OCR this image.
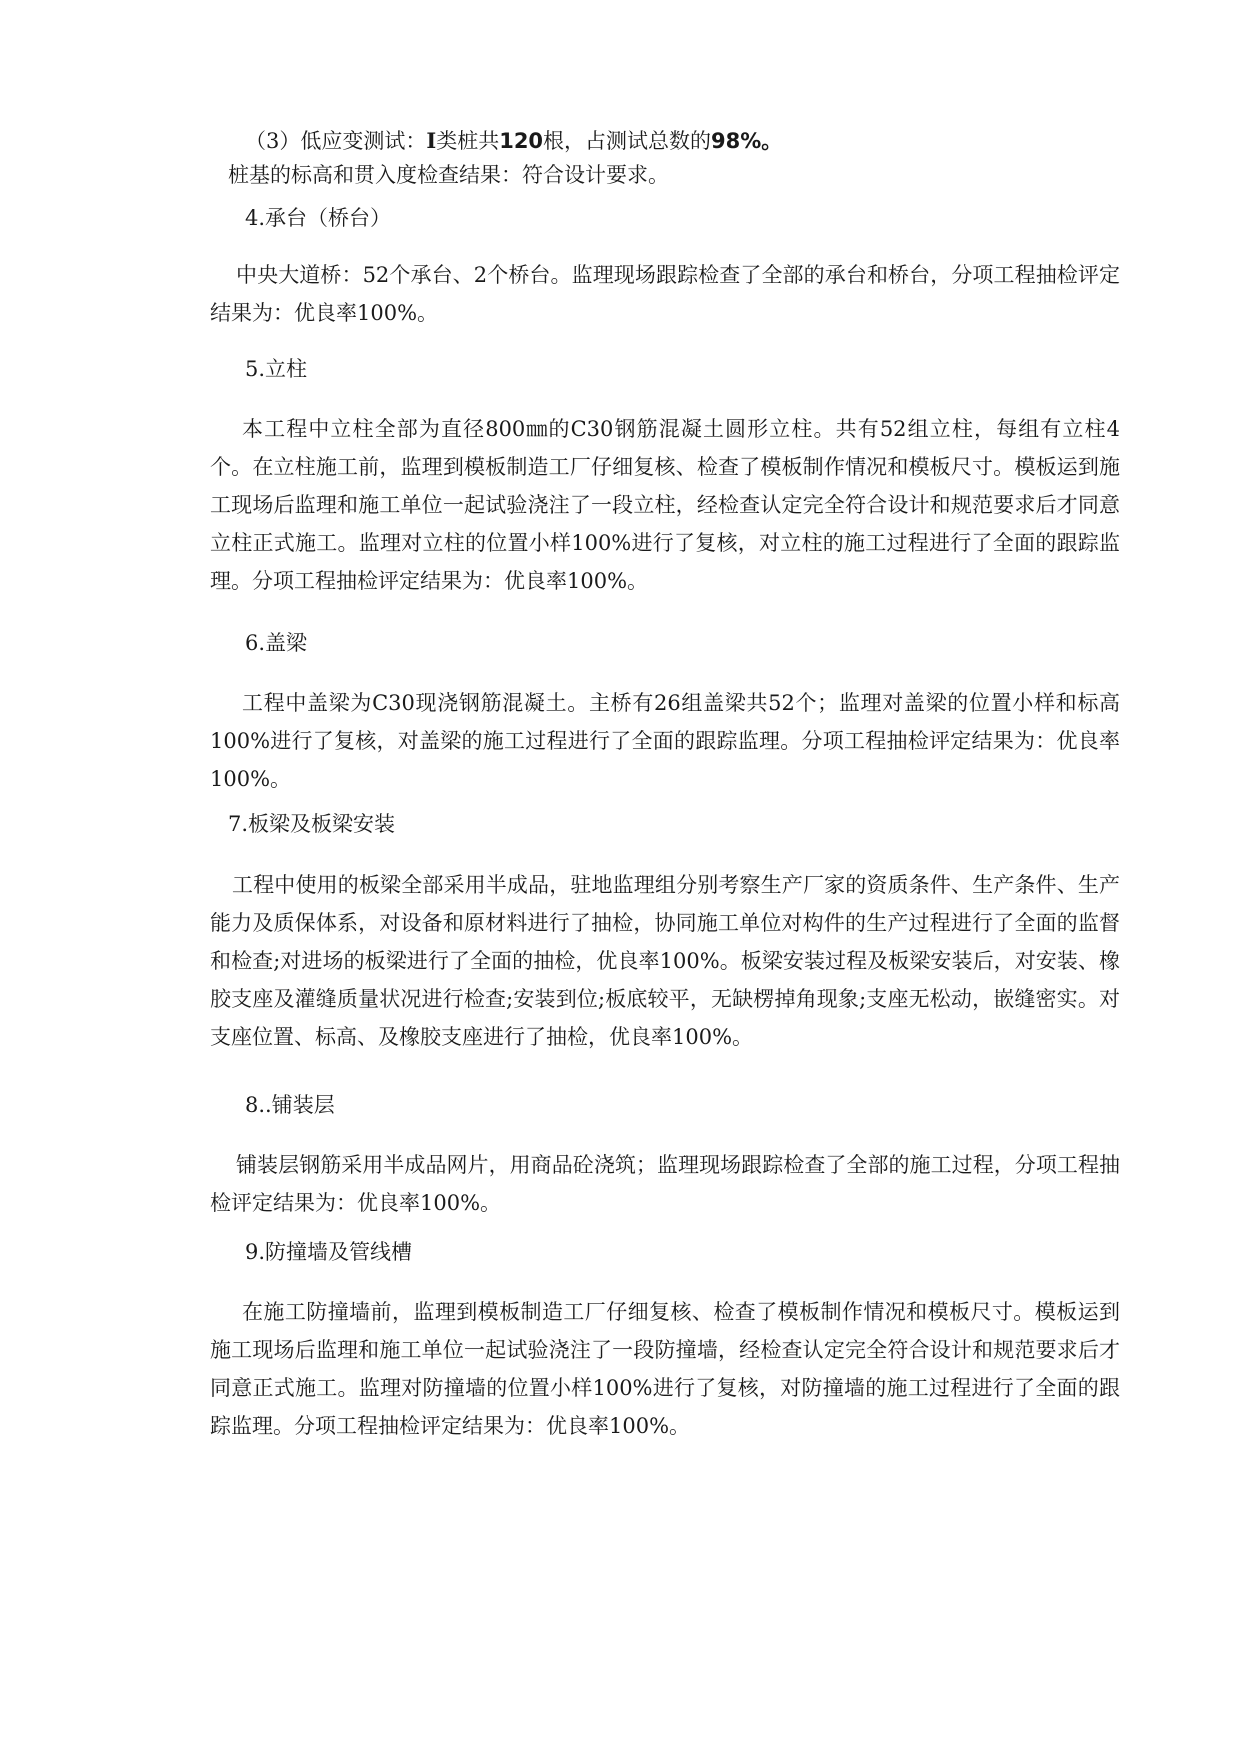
（3）低应变测试：Ⅰ类桩共120根，占测试总数的98%。
桩基的标高和贯入度检查结果：符合设计要求。
4.承台（桥台）
中央大道桥：52个承台、2个桥台。监理现场跟踪检查了全部的承台和桥台，分项工程抽检评定结果为：优良率100%。
5.立柱
本工程中立柱全部为直径800㎜的C30钢筋混凝土圆形立柱。共有52组立柱，每组有立柱4个。在立柱施工前，监理到模板制造工厂仔细复核、检查了模板制作情况和模板尺寸。模板运到施工现场后监理和施工单位一起试验浇注了一段立柱，经检查认定完全符合设计和规范要求后才同意立柱正式施工。监理对立柱的位置小样100%进行了复核，对立柱的施工过程进行了全面的跟踪监理。分项工程抽检评定结果为：优良率100%。
6.盖梁
工程中盖梁为C30现浇钢筋混凝土。主桥有26组盖梁共52个；监理对盖梁的位置小样和标高100%进行了复核，对盖梁的施工过程进行了全面的跟踪监理。分项工程抽检评定结果为：优良率100%。
7.板梁及板梁安装
工程中使用的板梁全部采用半成品，驻地监理组分别考察生产厂家的资质条件、生产条件、生产能力及质保体系，对设备和原材料进行了抽检，协同施工单位对构件的生产过程进行了全面的监督和检查;对进场的板梁进行了全面的抽检，优良率100%。板梁安装过程及板梁安装后，对安装、橡胶支座及灌缝质量状况进行检查;安装到位;板底较平，无缺楞掉角现象;支座无松动，嵌缝密实。对支座位置、标高、及橡胶支座进行了抽检，优良率100%。
8..铺装层
铺装层钢筋采用半成品网片，用商品砼浇筑；监理现场跟踪检查了全部的施工过程，分项工程抽检评定结果为：优良率100%。
9.防撞墙及管线槽
在施工防撞墙前，监理到模板制造工厂仔细复核、检查了模板制作情况和模板尺寸。模板运到施工现场后监理和施工单位一起试验浇注了一段防撞墙，经检查认定完全符合设计和规范要求后才同意正式施工。监理对防撞墙的位置小样100%进行了复核，对防撞墙的施工过程进行了全面的跟踪监理。分项工程抽检评定结果为：优良率100%。
